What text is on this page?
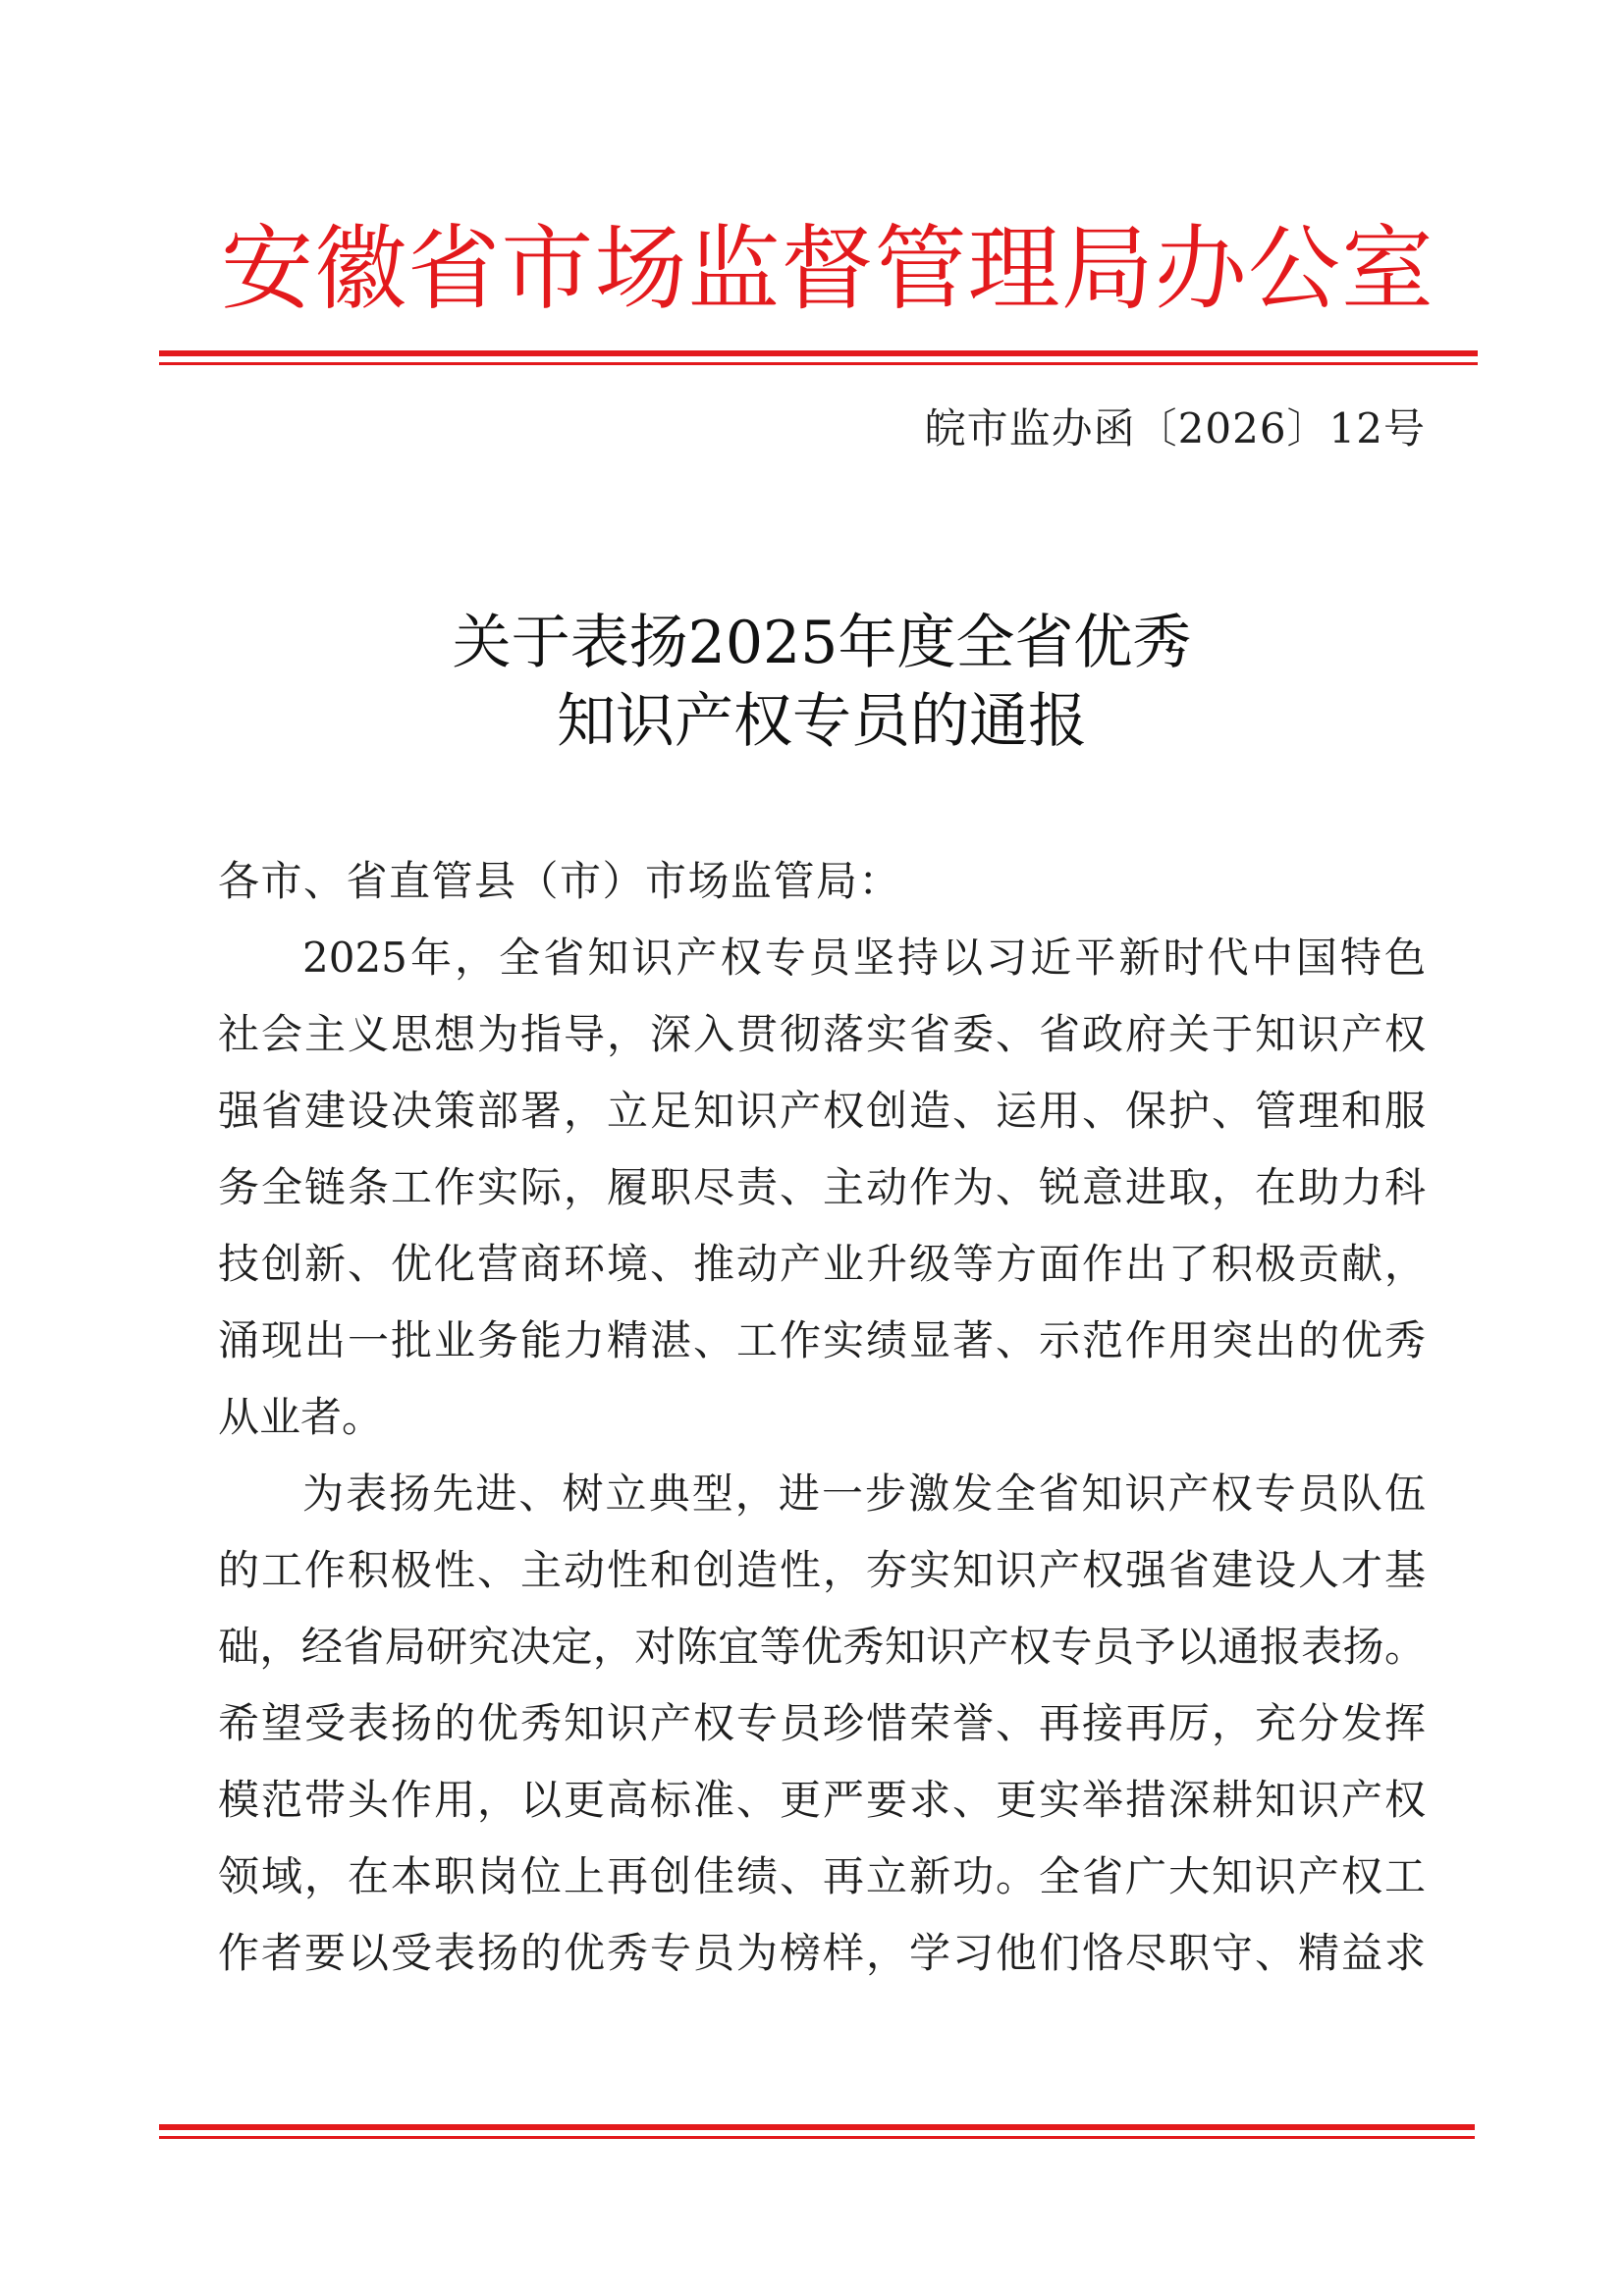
安徽省市场监督管理局办公室
皖市监办函〔2026〕12号
关于表扬2025年度全省优秀
知识产权专员的通报
各市、省直管县（市）市场监管局：
2025年，全省知识产权专员坚持以习近平新时代中国特色
社会主义思想为指导，深入贯彻落实省委、省政府关于知识产权
强省建设决策部署，立足知识产权创造、运用、保护、管理和服
务全链条工作实际，履职尽责、主动作为、锐意进取，在助力科
技创新、优化营商环境、推动产业升级等方面作出了积极贡献，
涌现出一批业务能力精湛、工作实绩显著、示范作用突出的优秀
从业者。
为表扬先进、树立典型，进一步激发全省知识产权专员队伍
的工作积极性、主动性和创造性，夯实知识产权强省建设人才基
础，经省局研究决定，对陈宜等优秀知识产权专员予以通报表扬。
希望受表扬的优秀知识产权专员珍惜荣誉、再接再厉，充分发挥
模范带头作用，以更高标准、更严要求、更实举措深耕知识产权
领域，在本职岗位上再创佳绩、再立新功。全省广大知识产权工
作者要以受表扬的优秀专员为榜样，学习他们恪尽职守、精益求
